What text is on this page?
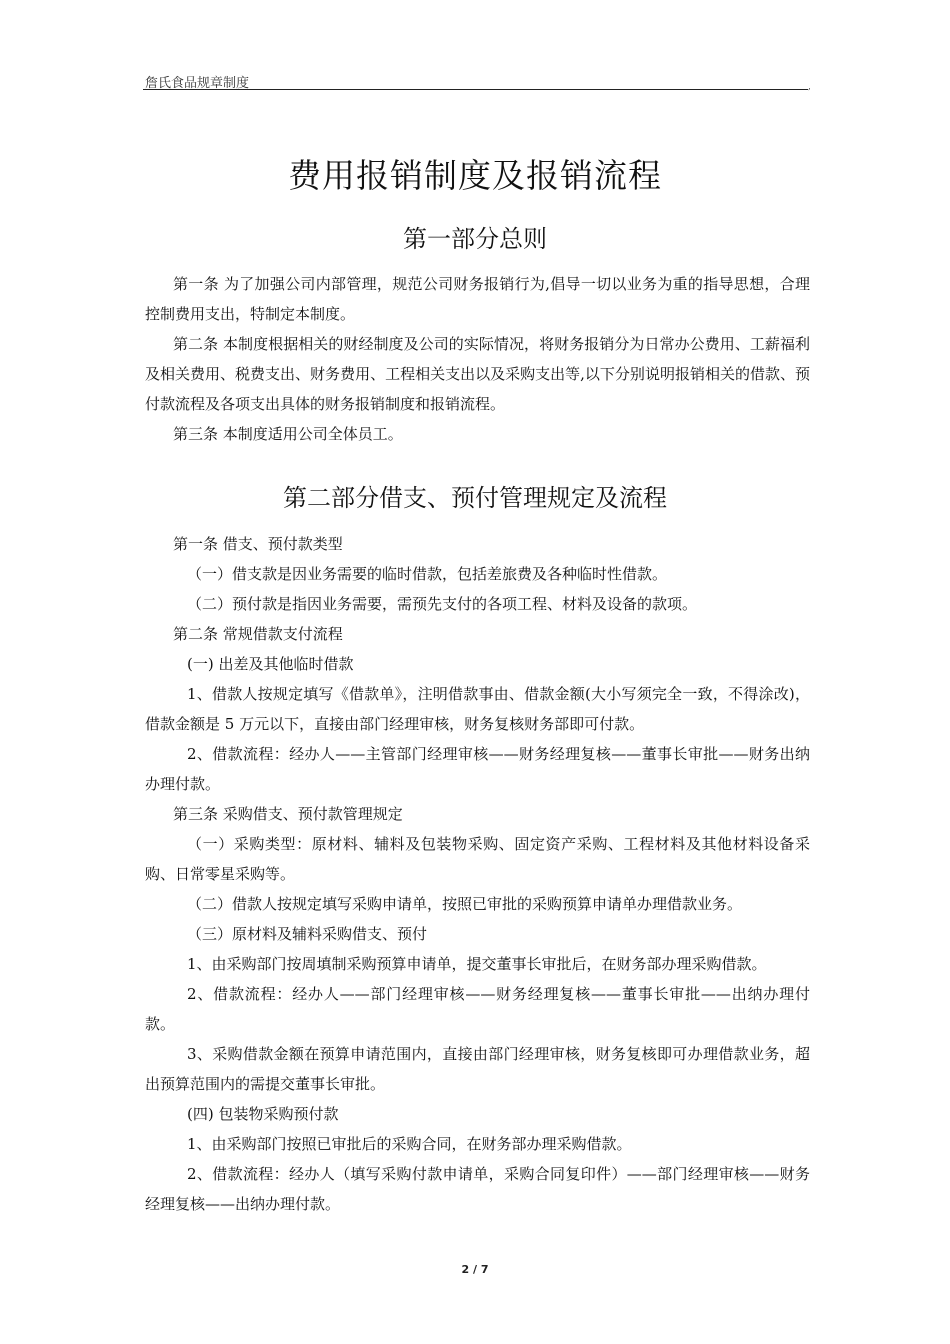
詹氏食品规章制度	,
费用报销制度及报销流程
第一部分总则

第一条 为了加强公司内部管理，规范公司财务报销行为,倡导一切以业务为重的指导思想，合理控制费用支出，特制定本制度。

第二条 本制度根据相关的财经制度及公司的实际情况，将财务报销分为日常办公费用、工薪福利及相关费用、税费支出、财务费用、工程相关支出以及采购支出等,以下分别说明报销相关的借款、预付款流程及各项支出具体的财务报销制度和报销流程。

第三条 本制度适用公司全体员工。

第二部分借支、预付管理规定及流程

第一条 借支、预付款类型

（一）借支款是因业务需要的临时借款，包括差旅费及各种临时性借款。

（二）预付款是指因业务需要，需预先支付的各项工程、材料及设备的款项。

第二条 常规借款支付流程

(一) 出差及其他临时借款

1、借款人按规定填写《借款单》，注明借款事由、借款金额(大小写须完全一致，不得涂改)，借款金额是 5 万元以下，直接由部门经理审核，财务复核财务部即可付款。

2、借款流程：经办人——主管部门经理审核——财务经理复核——董事长审批——财务出纳办理付款。

第三条 采购借支、预付款管理规定

（一）采购类型：原材料、辅料及包装物采购、固定资产采购、工程材料及其他材料设备采购、日常零星采购等。

（二）借款人按规定填写采购申请单，按照已审批的采购预算申请单办理借款业务。

（三）原材料及辅料采购借支、预付

1、由采购部门按周填制采购预算申请单，提交董事长审批后，在财务部办理采购借款。

2、借款流程：经办人——部门经理审核——财务经理复核——董事长审批——出纳办理付款。

3、采购借款金额在预算申请范围内，直接由部门经理审核，财务复核即可办理借款业务，超出预算范围内的需提交董事长审批。

(四) 包装物采购预付款

1、由采购部门按照已审批后的采购合同，在财务部办理采购借款。

2、借款流程：经办人（填写采购付款申请单，采购合同复印件）——部门经理审核——财务经理复核——出纳办理付款。

2 / 7
